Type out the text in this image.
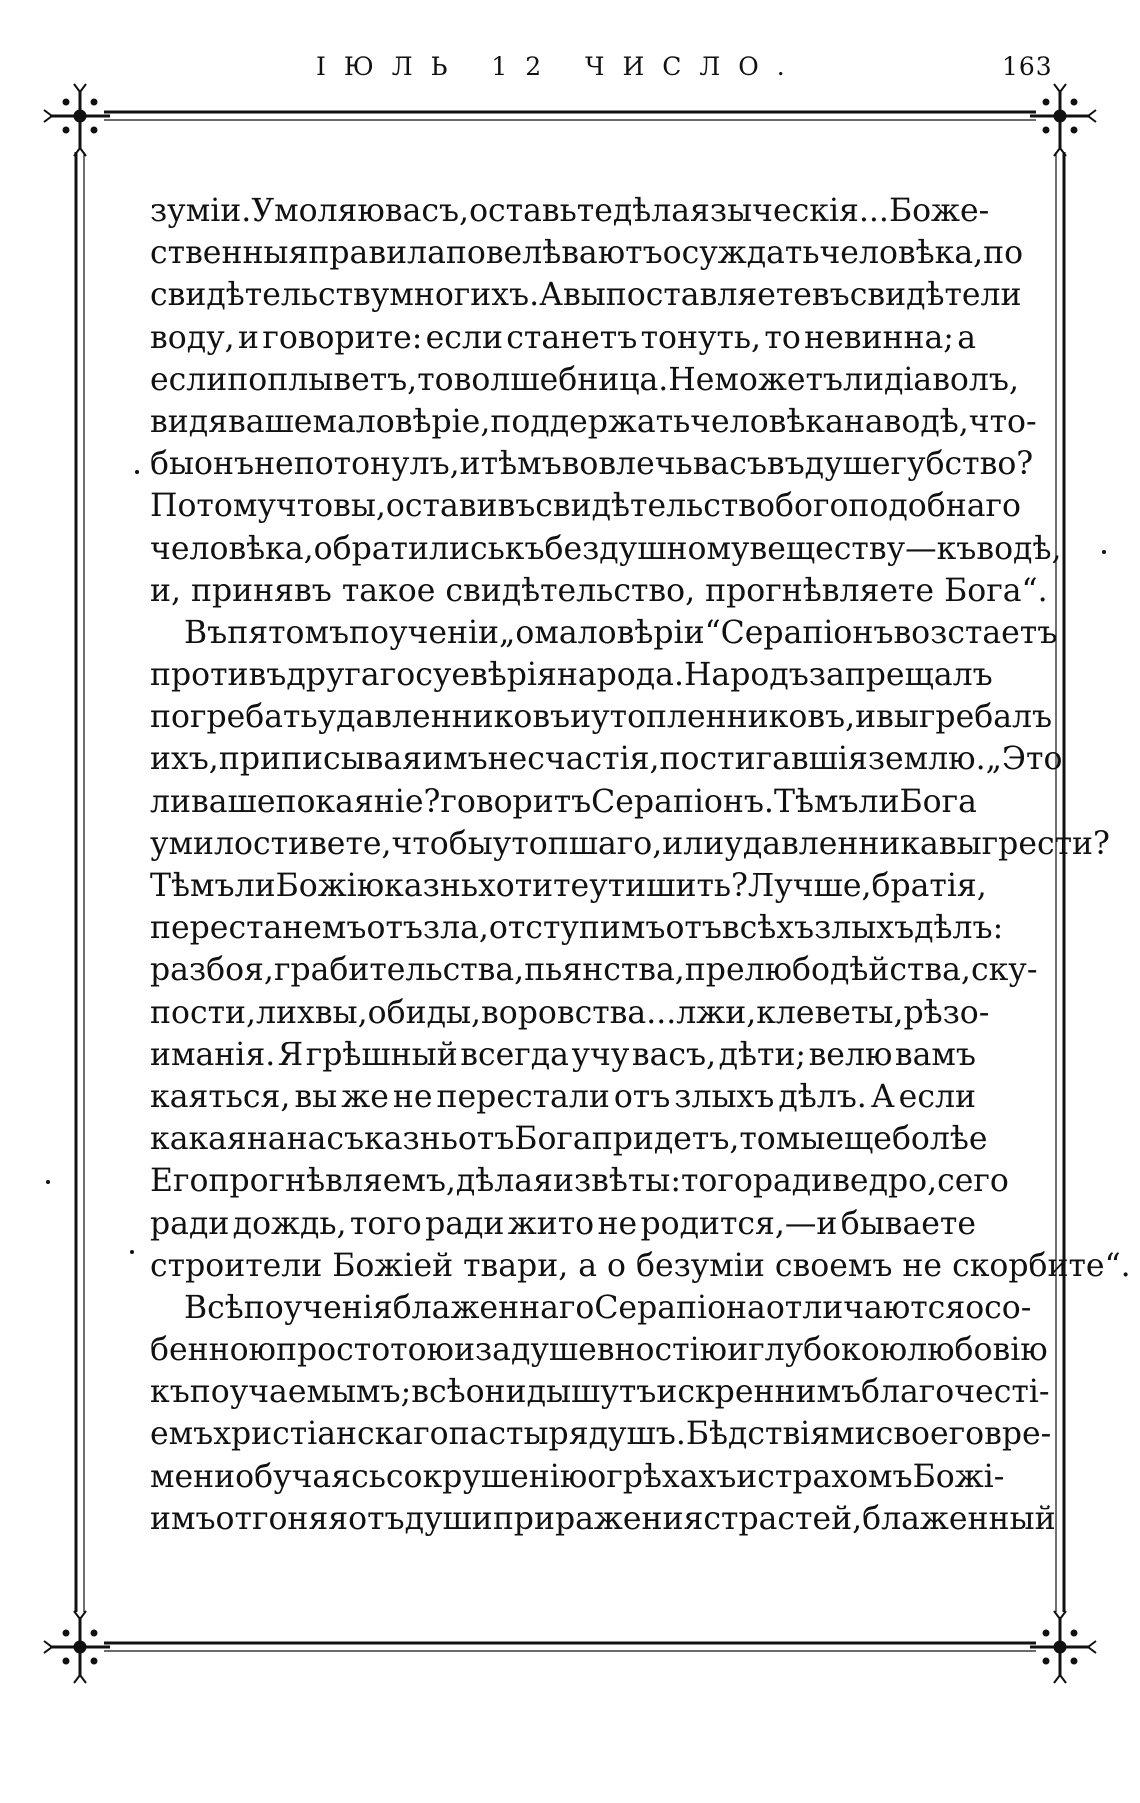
ІЮЛЬ 12 ЧИСЛО.	163
зуміи. Умоляю васъ, оставьте дѣла языческія... Боже-
ственныя правила повелѣваютъ осуждать человѣка, по
свидѣтельству многихъ. А вы поставляете въ свидѣтели
воду, и говорите: если станетъ тонуть, то невинна; а
если поплыветъ, то волшебница. Не можетъ ли діаволъ,
видя ваше маловѣріе, поддержать человѣка на водѣ, что-
бы онъ не потонулъ, и тѣмъ вовлечь васъ въ душегубство?
Потому что вы, оставивъ свидѣтельство богоподобнаго
человѣка, обратились къ бездушному веществу—къ водѣ,
и, принявъ такое свидѣтельство, прогнѣвляете Бога“.
Въ пятомъ поученіи „о маловѣріи“ Серапіонъ возстаетъ
противъ другаго суевѣрія народа. Народъ запрещалъ
погребать удавленниковъ и утопленниковъ, и выгребалъ
ихъ, приписывая имъ несчастія, постигавшія землю. „Это
ли ваше покаяніе? говоритъ Серапіонъ. Тѣмъ ли Бога
умилостивете, чтобы утопшаго, или удавленника выгрести?
Тѣмъ ли Божію казнь хотите утишить? Лучше, братія,
перестанемъ отъ зла, отступимъ отъ всѣхъ злыхъ дѣлъ:
разбоя, грабительства, пьянства, прелюбодѣйства, ску-
пости, лихвы, обиды, воровства... лжи, клеветы, рѣзо-
иманія. Я грѣшный всегда учу васъ, дѣти; велю вамъ
каяться, вы же не перестали отъ злыхъ дѣлъ. А если
какая на насъ казнь отъ Бога придетъ, то мы еще болѣе
Его прогнѣвляемъ, дѣлая извѣты: того ради ведро, сего
ради дождь, того ради жито не родится,—и бываете
строители Божіей твари, а о безуміи своемъ не скорбите“.
Всѣ поученія блаженнаго Серапіона отличаются осо-
бенною простотою и задушевностію и глубокою любовію
къ поучаемымъ; всѣ они дышутъ искреннимъ благочесті-
емъ христіанскаго пастыря душъ. Бѣдствіями своего вре-
мени обучаясь сокрушенію о грѣхахъ и страхомъ Божі-
имъ отгоняя отъ души приражения страстей, блаженный
